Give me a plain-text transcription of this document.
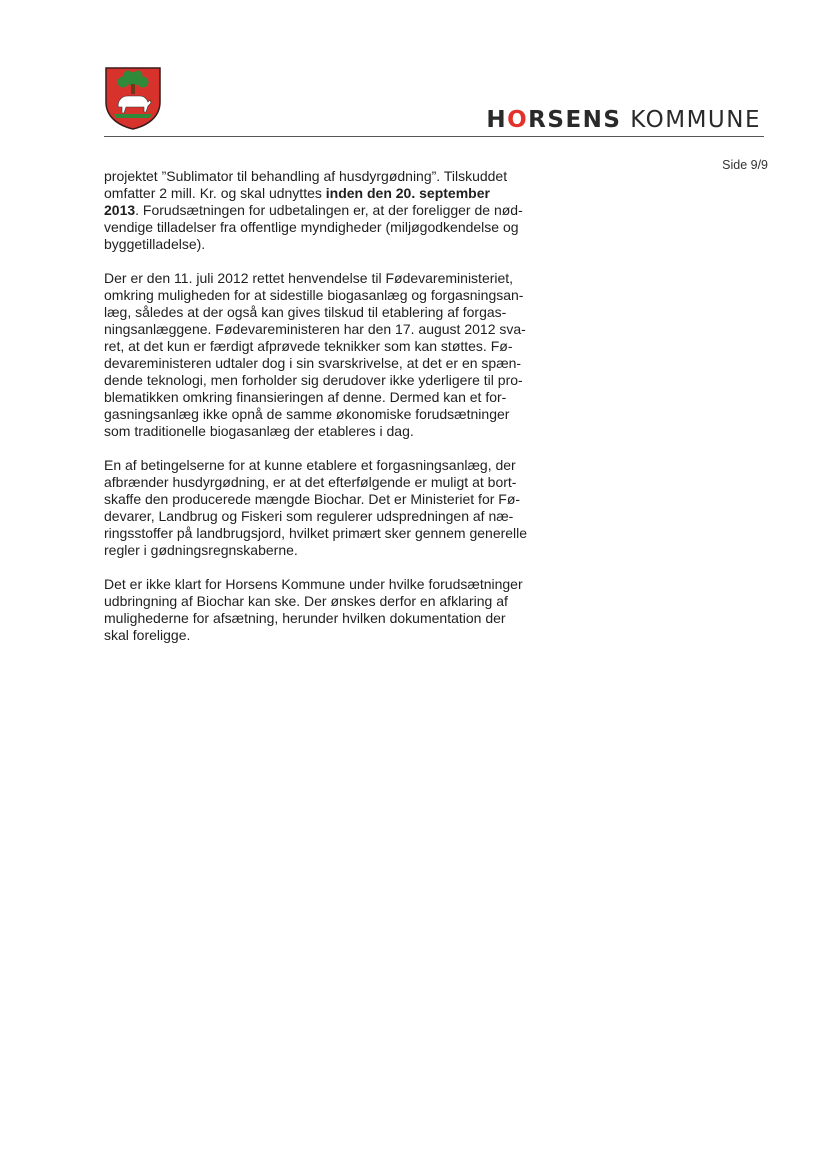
HORSENS KOMMUNE
Side 9/9

projektet ”Sublimator til behandling af husdyrgødning”. Tilskuddet
omfatter 2 mill. Kr. og skal udnyttes inden den 20. september
2013. Forudsætningen for udbetalingen er, at der foreligger de nød-
vendige tilladelser fra offentlige myndigheder (miljøgodkendelse og
byggetilladelse).

Der er den 11. juli 2012 rettet henvendelse til Fødevareministeriet,
omkring muligheden for at sidestille biogasanlæg og forgasningsan-
læg, således at der også kan gives tilskud til etablering af forgas-
ningsanlæggene. Fødevareministeren har den 17. august 2012 sva-
ret, at det kun er færdigt afprøvede teknikker som kan støttes. Fø-
devareministeren udtaler dog i sin svarskrivelse, at det er en spæn-
dende teknologi, men forholder sig derudover ikke yderligere til pro-
blematikken omkring finansieringen af denne. Dermed kan et for-
gasningsanlæg ikke opnå de samme økonomiske forudsætninger
som traditionelle biogasanlæg der etableres i dag.

En af betingelserne for at kunne etablere et forgasningsanlæg, der
afbrænder husdyrgødning, er at det efterfølgende er muligt at bort-
skaffe den producerede mængde Biochar. Det er Ministeriet for Fø-
devarer, Landbrug og Fiskeri som regulerer udspredningen af næ-
ringsstoffer på landbrugsjord, hvilket primært sker gennem generelle
regler i gødningsregnskaberne.

Det er ikke klart for Horsens Kommune under hvilke forudsætninger
udbringning af Biochar kan ske. Der ønskes derfor en afklaring af
mulighederne for afsætning, herunder hvilken dokumentation der
skal foreligge.
